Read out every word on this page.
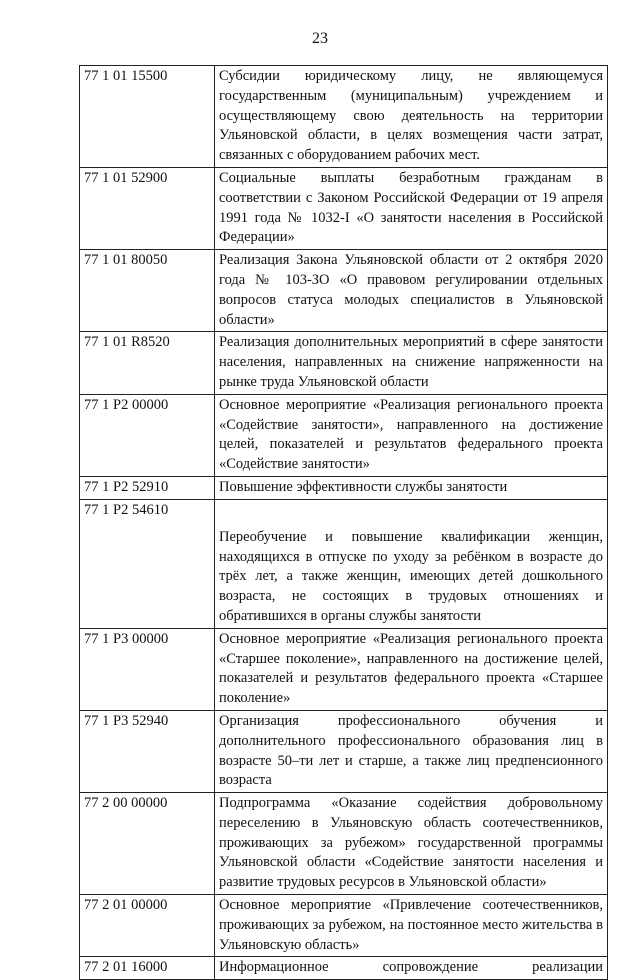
23
77 1 01 15500	Субсидии юридическому лицу, не являющемуся государственным (муниципальным) учреждением и осуществляющему свою деятельность на территории Ульяновской области, в целях возмещения части затрат, связанных с оборудованием рабочих мест.
77 1 01 52900	Социальные выплаты безработным гражданам в соответствии с Законом Российской Федерации от 19 апреля 1991 года № 1032-I «О занятости населения в Российской Федерации»
77 1 01 80050	Реализация Закона Ульяновской области от 2 октября 2020 года № 103-ЗО «О правовом регулировании отдельных вопросов статуса молодых специалистов в Ульяновской области»
77 1 01 R8520	Реализация дополнительных мероприятий в сфере занятости населения, направленных на снижение напряженности на рынке труда Ульяновской области
77 1 P2 00000	Основное мероприятие «Реализация регионального проекта «Содействие занятости», направленного на достижение целей, показателей и результатов федерального проекта «Содействие занятости»
77 1 P2 52910	Повышение эффективности службы занятости
77 1 P2 54610	Переобучение и повышение квалификации женщин, находящихся в отпуске по уходу за ребёнком в возрасте до трёх лет, а также женщин, имеющих детей дошкольного возраста, не состоящих в трудовых отношениях и обратившихся в органы службы занятости
77 1 P3 00000	Основное мероприятие «Реализация регионального проекта «Старшее поколение», направленного на достижение целей, показателей и результатов федерального проекта «Старшее поколение»
77 1 P3 52940	Организация профессионального обучения и дополнительного профессионального образования лиц в возрасте 50–ти лет и старше, а также лиц предпенсионного возраста
77 2 00 00000	Подпрограмма «Оказание содействия добровольному переселению в Ульяновскую область соотечественников, проживающих за рубежом» государственной программы Ульяновской области «Содействие занятости населения и развитие трудовых ресурсов в Ульяновской области»
77 2 01 00000	Основное мероприятие «Привлечение соотечественников, проживающих за рубежом, на постоянное место жительства в Ульяновскую область»
77 2 01 16000	Информационное сопровождение реализации
